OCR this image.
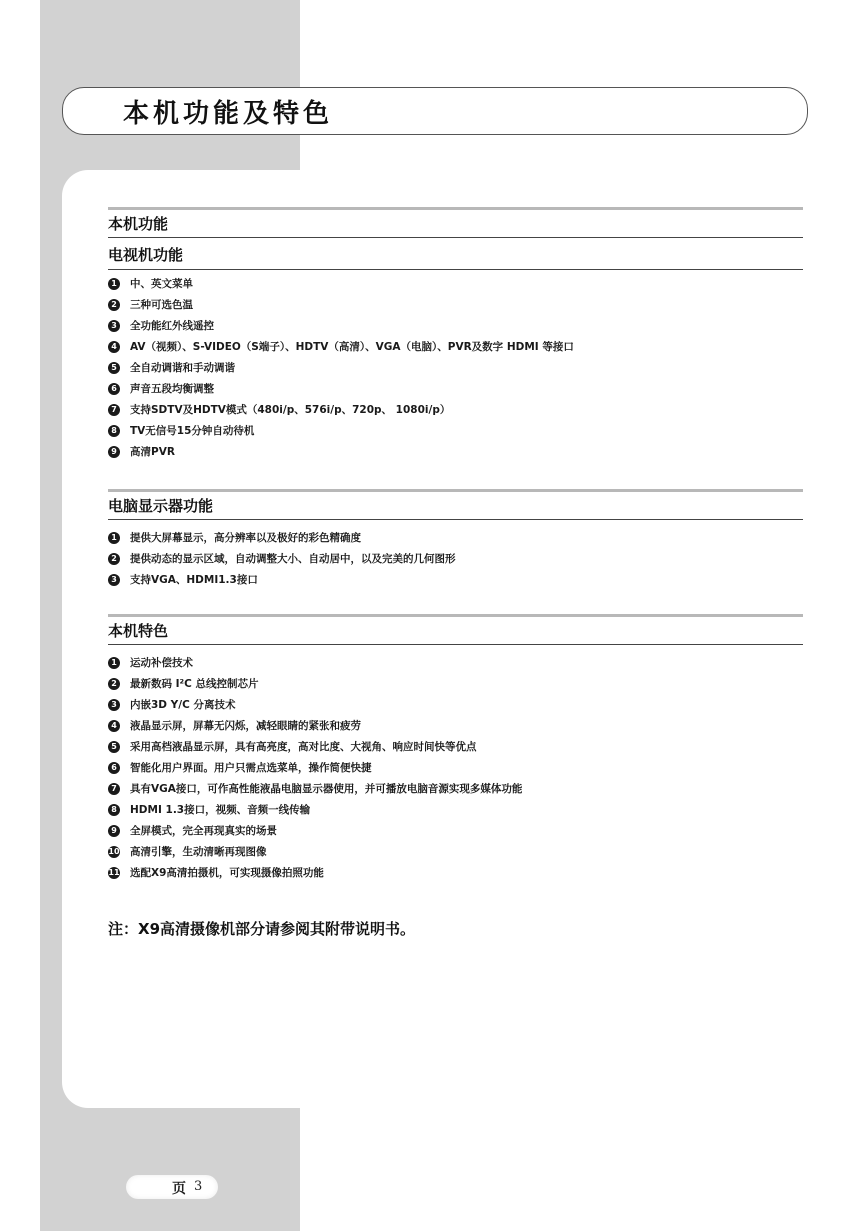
本机功能及特色
本机功能
电视机功能
1	中、英文菜单
2	三种可选色温
3	全功能红外线遥控
4	AV（视频）、S-VIDEO（S端子）、HDTV（高清）、VGA（电脑）、PVR及数字 HDMI 等接口
5	全自动调谐和手动调谐
6	声音五段均衡调整
7	支持SDTV及HDTV模式（480i/p、576i/p、720p、 1080i/p）
8	TV无信号15分钟自动待机
9	高清PVR
电脑显示器功能
1	提供大屏幕显示，高分辨率以及极好的彩色精确度
2	提供动态的显示区域，自动调整大小、自动居中，以及完美的几何图形
3	支持VGA、HDMI1.3接口
本机特色
1	运动补偿技术
2	最新数码 I²C 总线控制芯片
3	内嵌3D Y/C 分离技术
4	液晶显示屏，屏幕无闪烁，减轻眼睛的紧张和疲劳
5	采用高档液晶显示屏，具有高亮度，高对比度、大视角、响应时间快等优点
6	智能化用户界面。用户只需点选菜单，操作简便快捷
7	具有VGA接口，可作高性能液晶电脑显示器使用，并可播放电脑音源实现多媒体功能
8	HDMI 1.3接口，视频、音频一线传输
9	全屏模式，完全再现真实的场景
10 高清引擎，生动清晰再现图像
11 选配X9高清拍摄机，可实现摄像拍照功能
注：X9高清摄像机部分请参阅其附带说明书。
页 3
